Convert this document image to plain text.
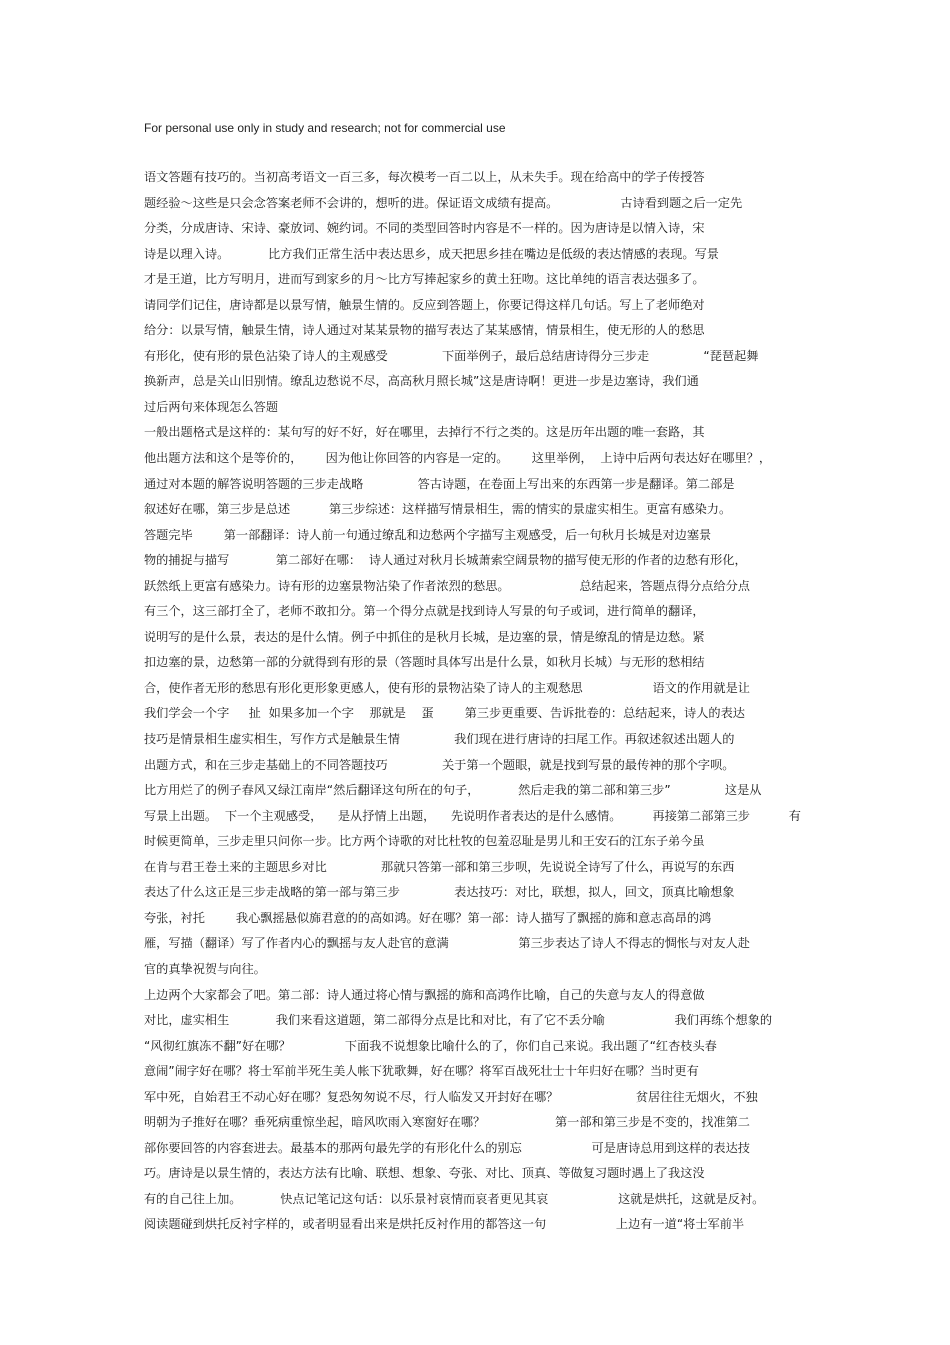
For personal use only in study and research; not for commercial use
语文答题有技巧的。当初高考语文一百三多，每次模考一百二以上，从未失手。现在给高中的学子传授答
题经验～这些是只会念答案老师不会讲的，想听的进。保证语文成绩有提高。                古诗看到题之后一定先
分类，分成唐诗、宋诗、豪放词、婉约词。不同的类型回答时内容是不一样的。因为唐诗是以情入诗，宋
诗是以理入诗。          比方我们正常生活中表达思乡，成天把思乡挂在嘴边是低级的表达情感的表现。写景
才是王道，比方写明月，进而写到家乡的月～比方写捧起家乡的黄土狂吻。这比单纯的语言表达强多了。
请同学们记住，唐诗都是以景写情，触景生情的。反应到答题上，你要记得这样几句话。写上了老师绝对
给分：以景写情，触景生情，诗人通过对某某景物的描写表达了某某感情，情景相生，使无形的人的愁思
有形化，使有形的景色沾染了诗人的主观感受              下面举例子，最后总结唐诗得分三步走              “琵琶起舞
换新声，总是关山旧别情。缭乱边愁说不尽，高高秋月照长城”这是唐诗啊！更进一步是边塞诗，我们通
过后两句来体现怎么答题
一般出题格式是这样的：某句写的好不好，好在哪里，去掉行不行之类的。这是历年出题的唯一套路，其
他出题方法和这个是等价的，      因为他让你回答的内容是一定的。      这里举例，  上诗中后两句表达好在哪里？，
通过对本题的解答说明答题的三步走战略              答古诗题，在卷面上写出来的东西第一步是翻译。第二部是
叙述好在哪，第三步是总述          第三步综述：这样描写情景相生，需的情实的景虚实相生。更富有感染力。
答题完毕        第一部翻译：诗人前一句通过缭乱和边愁两个字描写主观感受，后一句秋月长城是对边塞景
物的捕捉与描写            第二部好在哪：  诗人通过对秋月长城萧索空阔景物的描写使无形的作者的边愁有形化，
跃然纸上更富有感染力。诗有形的边塞景物沾染了作者浓烈的愁思。                  总结起来，答题点得分点给分点
有三个，这三部打全了，老师不敢扣分。第一个得分点就是找到诗人写景的句子或词，进行简单的翻译，
说明写的是什么景，表达的是什么情。例子中抓住的是秋月长城，是边塞的景，情是缭乱的情是边愁。紧
扣边塞的景，边愁第一部的分就得到有形的景（答题时具体写出是什么景，如秋月长城）与无形的愁相结
合，使作者无形的愁思有形化更形象更感人，使有形的景物沾染了诗人的主观愁思                  语文的作用就是让
我们学会一个字     扯  如果多加一个字    那就是    蛋        第三步更重要、告诉批卷的：总结起来，诗人的表达
技巧是情景相生虚实相生，写作方式是触景生情              我们现在进行唐诗的扫尾工作。再叙述叙述出题人的
出题方式，和在三步走基础上的不同答题技巧              关于第一个题眼，就是找到写景的最传神的那个字呗。
比方用烂了的例子春风又绿江南岸“然后翻译这句所在的句子，          然后走我的第二部和第三步”              这是从
写景上出题。  下一个主观感受，    是从抒情上出题，    先说明作者表达的是什么感情。        再接第二部第三步          有
时候更简单，三步走里只问你一步。比方两个诗歌的对比杜牧的包羞忍耻是男儿和王安石的江东子弟今虽
在肯与君王卷土来的主题思乡对比              那就只答第一部和第三步呗，先说说全诗写了什么，再说写的东西
表达了什么这正是三步走战略的第一部与第三步              表达技巧：对比，联想，拟人，回文，顶真比喻想象
夸张，衬托        我心飘摇悬似旆君意的的高如鸿。好在哪？第一部：诗人描写了飘摇的旆和意志高昂的鸿
雁，写描（翻译）写了作者内心的飘摇与友人赴官的意满                  第三步表达了诗人不得志的惆怅与对友人赴
官的真挚祝贺与向往。
上边两个大家都会了吧。第二部：诗人通过将心情与飘摇的旆和高鸿作比喻，自己的失意与友人的得意做
对比，虚实相生            我们来看这道题，第二部得分点是比和对比，有了它不丢分喻                  我们再练个想象的
“风彻红旗冻不翻”好在哪？              下面我不说想象比喻什么的了，你们自己来说。我出题了“红杏枝头春
意闹”闹字好在哪？将士军前半死生美人帐下犹歌舞，好在哪？将军百战死壮士十年归好在哪？当时更有
军中死，自始君王不动心好在哪？复恐匆匆说不尽，行人临发又开封好在哪？                    贫居往往无烟火，不独
明朝为子推好在哪？垂死病重惊坐起，暗风吹雨入寒窗好在哪？                  第一部和第三步是不变的，找准第二
部你要回答的内容套进去。最基本的那两句最先学的有形化什么的别忘                  可是唐诗总用到这样的表达技
巧。唐诗是以景生情的，表达方法有比喻、联想、想象、夸张、对比、顶真、等做复习题时遇上了我这没
有的自己往上加。          快点记笔记这句话：以乐景衬哀情而哀者更见其哀                  这就是烘托，这就是反衬。
阅读题碰到烘托反衬字样的，或者明显看出来是烘托反衬作用的都答这一句                  上边有一道“将士军前半
